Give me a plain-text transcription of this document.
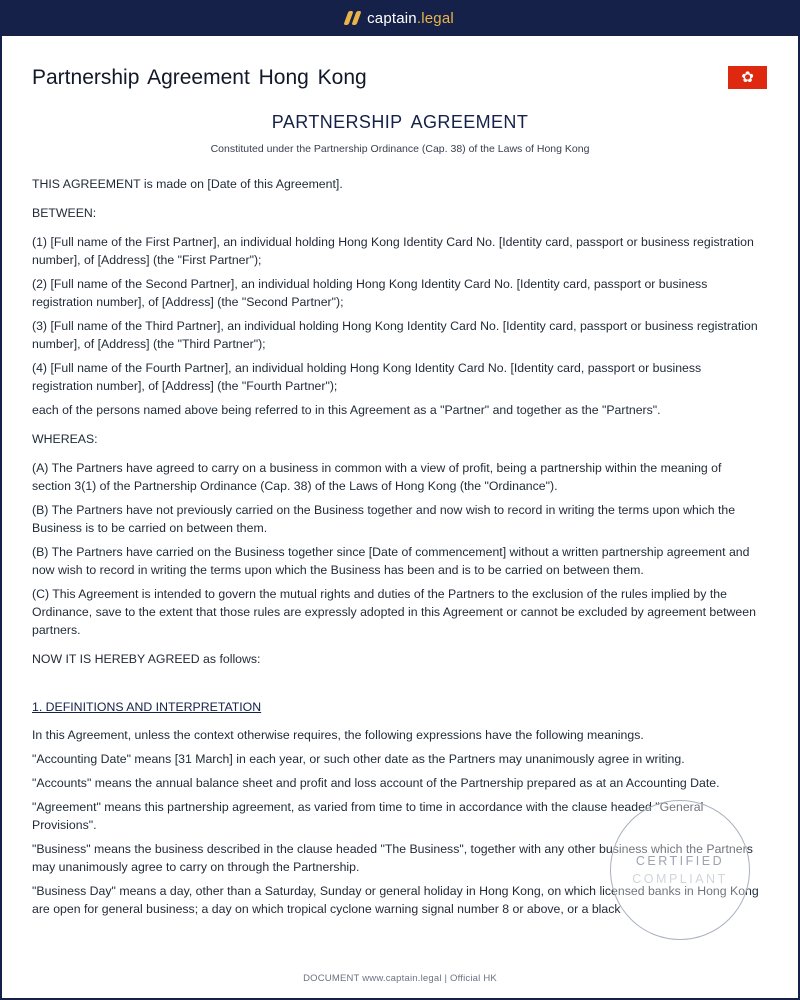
captain.legal
Partnership Agreement Hong Kong	✿
PARTNERSHIP AGREEMENT
Constituted under the Partnership Ordinance (Cap. 38) of the Laws of Hong Kong

THIS AGREEMENT is made on [Date of this Agreement].

BETWEEN:

(1) [Full name of the First Partner], an individual holding Hong Kong Identity Card No. [Identity card, passport or business registration number], of [Address] (the "First Partner");

(2) [Full name of the Second Partner], an individual holding Hong Kong Identity Card No. [Identity card, passport or business registration number], of [Address] (the "Second Partner");

(3) [Full name of the Third Partner], an individual holding Hong Kong Identity Card No. [Identity card, passport or business registration number], of [Address] (the "Third Partner");

(4) [Full name of the Fourth Partner], an individual holding Hong Kong Identity Card No. [Identity card, passport or business registration number], of [Address] (the "Fourth Partner");

each of the persons named above being referred to in this Agreement as a "Partner" and together as the "Partners".

WHEREAS:

(A) The Partners have agreed to carry on a business in common with a view of profit, being a partnership within the meaning of section 3(1) of the Partnership Ordinance (Cap. 38) of the Laws of Hong Kong (the "Ordinance").

(B) The Partners have not previously carried on the Business together and now wish to record in writing the terms upon which the Business is to be carried on between them.

(B) The Partners have carried on the Business together since [Date of commencement] without a written partnership agreement and now wish to record in writing the terms upon which the Business has been and is to be carried on between them.

(C) This Agreement is intended to govern the mutual rights and duties of the Partners to the exclusion of the rules implied by the Ordinance, save to the extent that those rules are expressly adopted in this Agreement or cannot be excluded by agreement between partners.

NOW IT IS HEREBY AGREED as follows:

1. DEFINITIONS AND INTERPRETATION

In this Agreement, unless the context otherwise requires, the following expressions have the following meanings.

"Accounting Date" means [31 March] in each year, or such other date as the Partners may unanimously agree in writing.

"Accounts" means the annual balance sheet and profit and loss account of the Partnership prepared as at an Accounting Date.

"Agreement" means this partnership agreement, as varied from time to time in accordance with the clause headed "General Provisions".

"Business" means the business described in the clause headed "The Business", together with any other business which the Partners may unanimously agree to carry on through the Partnership.

"Business Day" means a day, other than a Saturday, Sunday or general holiday in Hong Kong, on which licensed banks in Hong Kong are open for general business; a day on which tropical cyclone warning signal number 8 or above, or a black

CERTIFIED
COMPLIANT
DOCUMENT www.captain.legal | Official HK
